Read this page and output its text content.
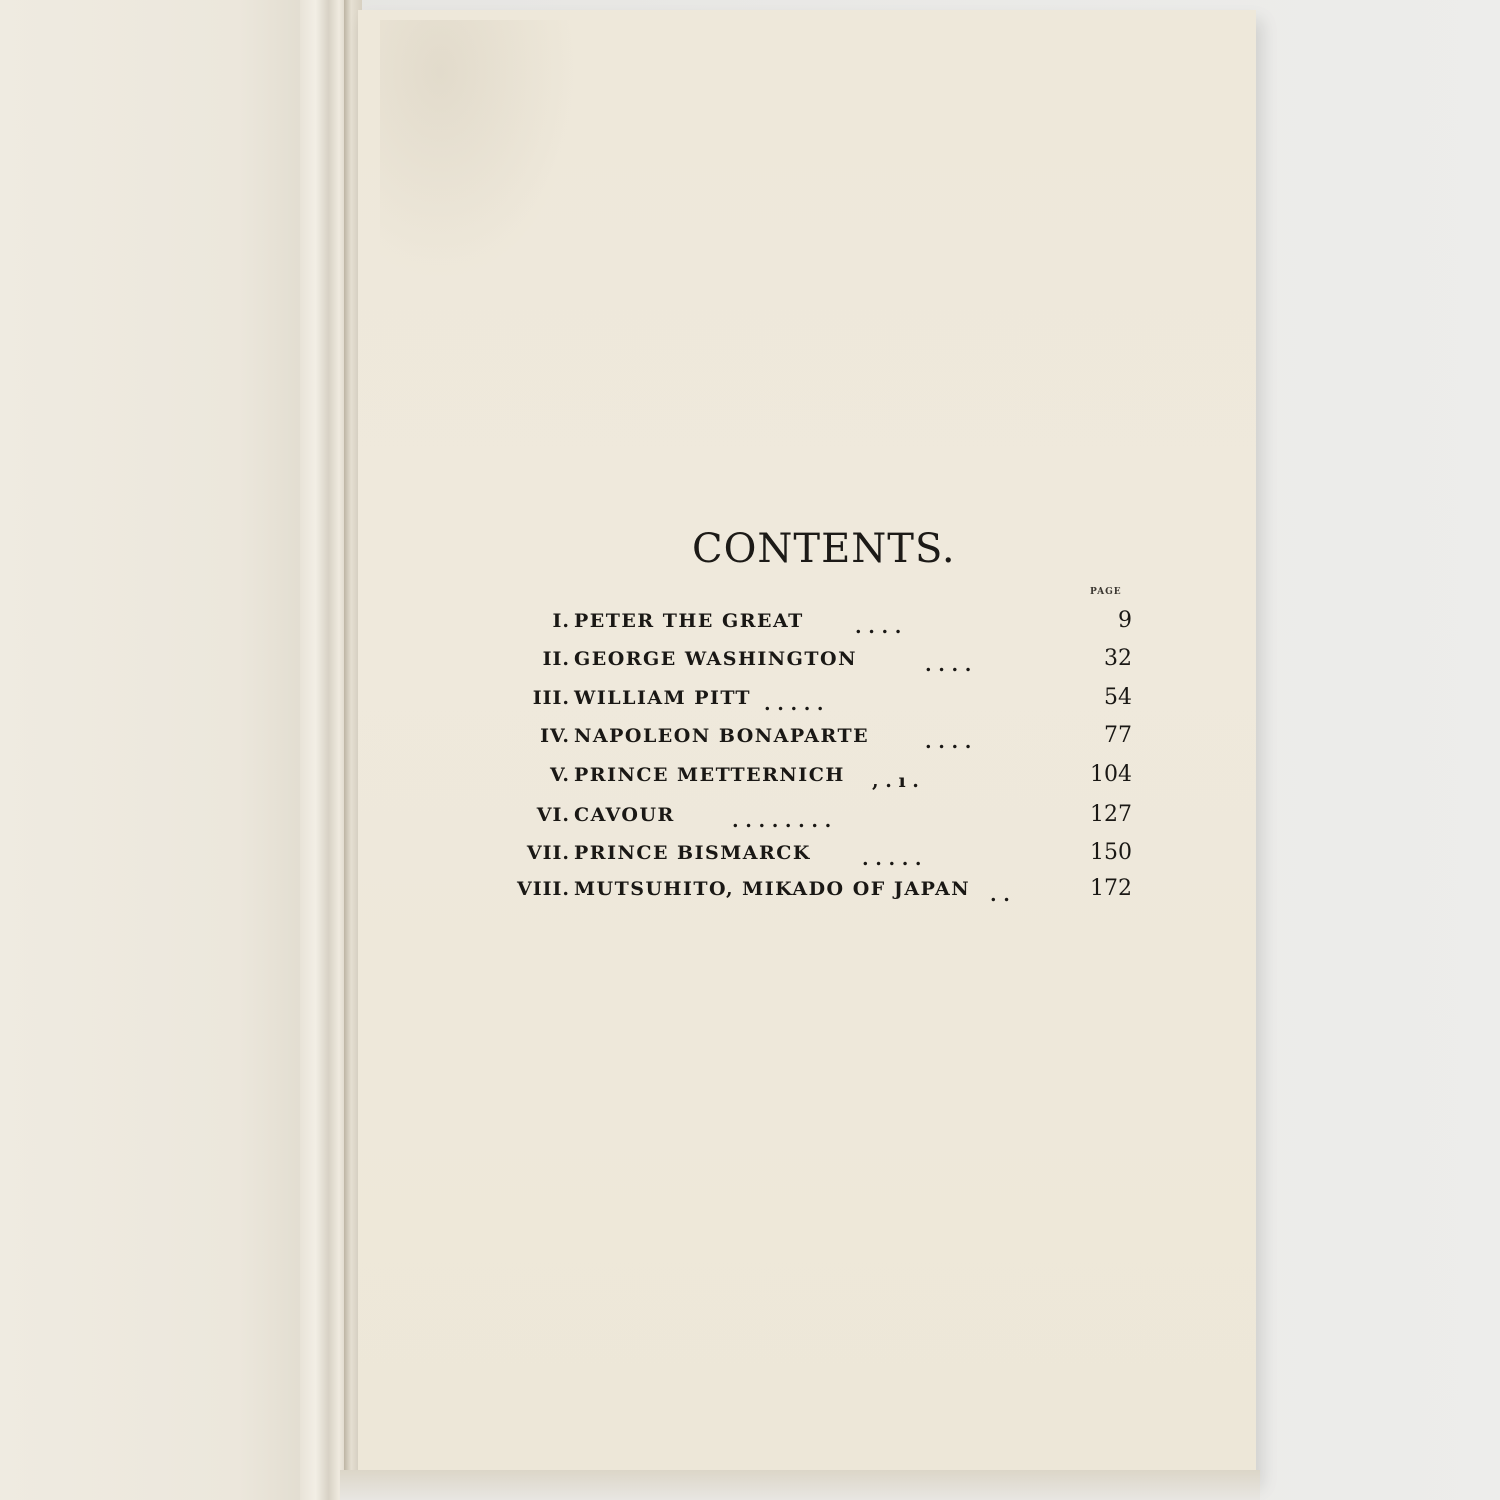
CONTENTS.
PAGE
I. PETER THE GREAT	. . . .	9
II. GEORGE WASHINGTON	. . . .	32
III. WILLIAM PITT . . . . .	54
IV. NAPOLEON BONAPARTE	. . . .	77
V. PRINCE METTERNICH , . ı .	104
VI. CAVOUR	. . . . . . . .	127
VII. PRINCE BISMARCK	. . . . .	150
VIII. MUTSUHITO, MIKADO OF JAPAN . .	172
